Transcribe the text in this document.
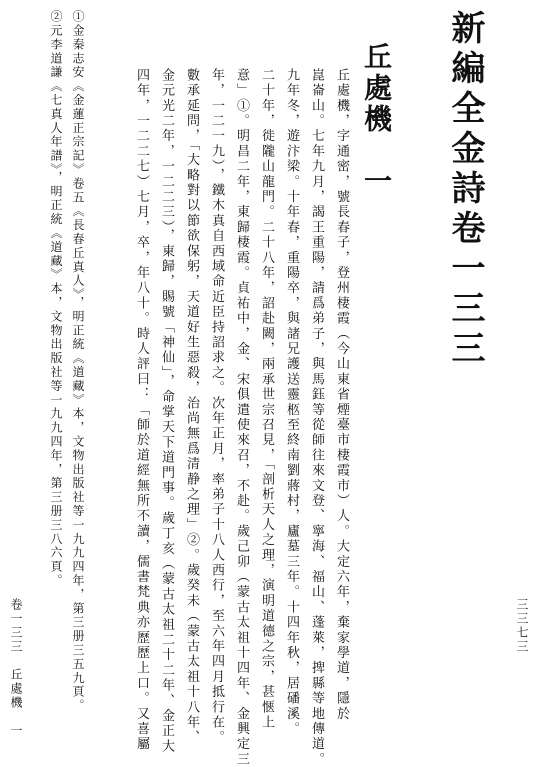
新編全金詩卷一三三
丘處機　一

丘處機，字通密，號長春子，登州棲霞（今山東省煙臺市棲霞市）人。大定六年，棄家學道，隱於

崑崙山。七年九月，謁王重陽，請爲弟子，與馬鈺等從師往來文登、寧海、福山、蓬萊，捭縣等地傳道。

九年冬，遊汴梁。十年春，重陽卒，與諸兄護送靈柩至終南劉蔣村，廬墓三年。十四年秋，居磻溪。

二十年，徙隴山龍門。二十八年，詔赴闕，兩承世宗召見，「剖析天人之理，演明道德之宗，甚愜上

意」①。明昌二年，東歸棲霞。貞祐中，金、宋俱遣使來召，不赴。歲己卯（蒙古太祖十四年、金興定三

年，一二一九），鐵木真自西域命近臣持詔求之。次年正月，率弟子十八人西行，至六年四月抵行在。

數承延問，「大略對以節欲保躬，天道好生惡殺，治尚無爲清静之理」②。歲癸未（蒙古太祖十八年、

金元光二年，一二二三），東歸，賜號「神仙」，命掌天下道門事。歲丁亥（蒙古太祖二十二年、金正大

四年，一二二七）七月，卒，年八十。時人評曰：「師於道經無所不讀，儒書梵典亦歷歷上口。又喜屬

①金秦志安《金蓮正宗記》卷五《長春丘真人》，明正統《道藏》本，文物出版社等一九九四年，第三册三五九頁。

②元李道謙《七真人年譜》，明正統《道藏》本，文物出版社等一九九四年，第三册三八六頁。

卷一三三　丘處機　一	三三七三
